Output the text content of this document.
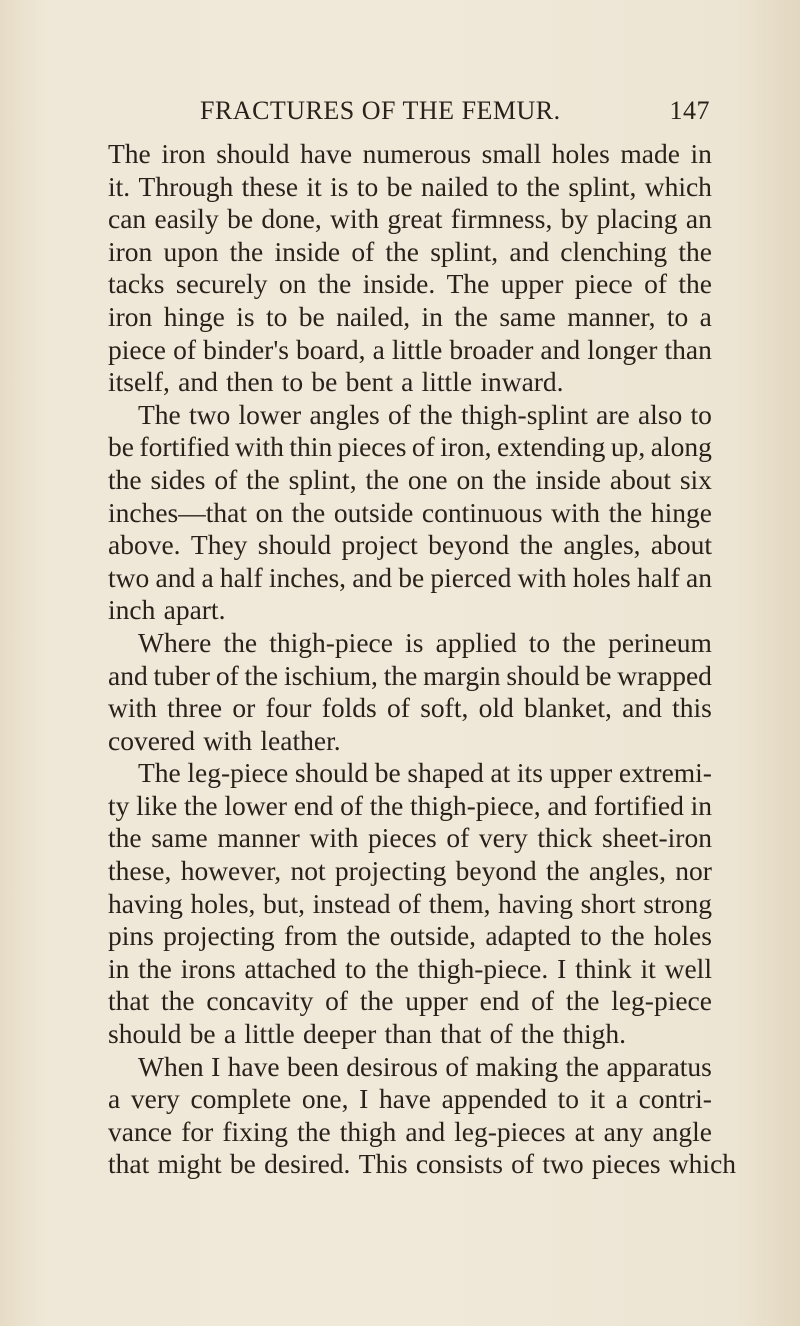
FRACTURES OF THE FEMUR.	147
The iron should have numerous small holes made in
it. Through these it is to be nailed to the splint, which
can easily be done, with great firmness, by placing an
iron upon the inside of the splint, and clenching the
tacks securely on the inside. The upper piece of the
iron hinge is to be nailed, in the same manner, to a
piece of binder's board, a little broader and longer than
itself, and then to be bent a little inward.
The two lower angles of the thigh-splint are also to
be fortified with thin pieces of iron, extending up, along
the sides of the splint, the one on the inside about six
inches—that on the outside continuous with the hinge
above. They should project beyond the angles, about
two and a half inches, and be pierced with holes half an
inch apart.
Where the thigh-piece is applied to the perineum
and tuber of the ischium, the margin should be wrapped
with three or four folds of soft, old blanket, and this
covered with leather.
The leg-piece should be shaped at its upper extremi-
ty like the lower end of the thigh-piece, and fortified in
the same manner with pieces of very thick sheet-iron
these, however, not projecting beyond the angles, nor
having holes, but, instead of them, having short strong
pins projecting from the outside, adapted to the holes
in the irons attached to the thigh-piece. I think it well
that the concavity of the upper end of the leg-piece
should be a little deeper than that of the thigh.
When I have been desirous of making the apparatus
a very complete one, I have appended to it a contri-
vance for fixing the thigh and leg-pieces at any angle
that might be desired. This consists of two pieces which
